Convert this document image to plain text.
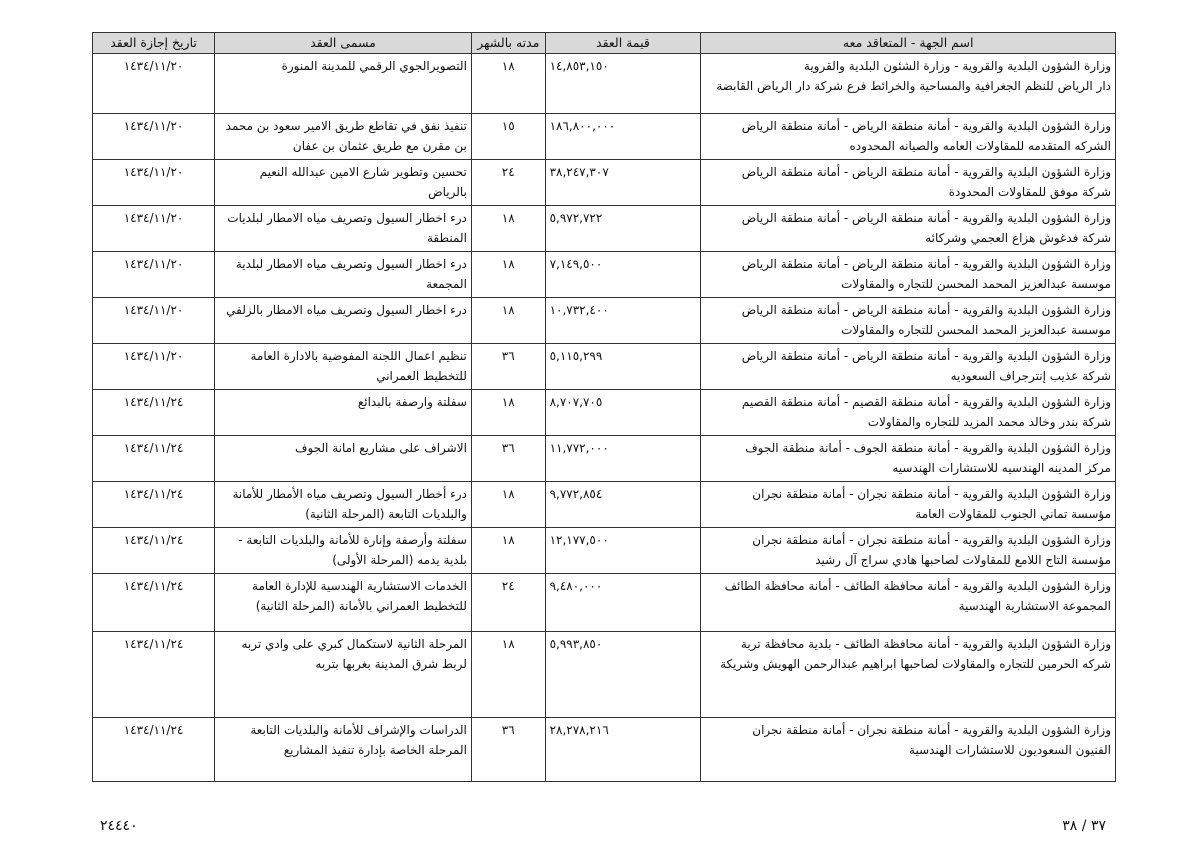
اسم الجهة - المتعاقد معه	قيمة العقد	مدته بالشهر	مسمى العقد	تاريخ إجازة العقد

وزارة الشؤون البلدية والقروية - وزارة الشئون البلدية والقروية
دار الرياض للنظم الجغرافية والمساحية والخرائط فرع شركة دار الرياض القابضة	١٤,٨٥٣,١٥٠	١٨	التصويرالجوي الرقمي للمدينة المنورة	١٤٣٤/١١/٢٠

وزارة الشؤون البلدية والقروية - أمانة منطقة الرياض - أمانة منطقة الرياض
الشركه المتقدمه للمقاولات العامه والصيانه المحدوده	١٨٦,٨٠٠,٠٠٠	١٥	تنفيذ نفق في تقاطع طريق الامير سعود بن محمد بن مقرن مع طريق عثمان بن عفان	١٤٣٤/١١/٢٠

وزارة الشؤون البلدية والقروية - أمانة منطقة الرياض - أمانة منطقة الرياض
شركة موفق للمقاولات المحدودة	٣٨,٢٤٧,٣٠٧	٢٤	تحسين وتطوير شارع الامين عبدالله النعيم بالرياض	١٤٣٤/١١/٢٠

وزارة الشؤون البلدية والقروية - أمانة منطقة الرياض - أمانة منطقة الرياض
شركة فدغوش هزاع العجمي وشركائه	٥,٩٧٢,٧٢٢	١٨	درء اخطار السيول وتصريف مياه الامطار لبلديات المنطقة	١٤٣٤/١١/٢٠

وزارة الشؤون البلدية والقروية - أمانة منطقة الرياض - أمانة منطقة الرياض
موسسة عبدالعزيز المحمد المحسن للتجاره والمقاولات	٧,١٤٩,٥٠٠	١٨	درء اخطار السيول وتصريف مياه الامطار لبلدية المجمعة	١٤٣٤/١١/٢٠

وزارة الشؤون البلدية والقروية - أمانة منطقة الرياض - أمانة منطقة الرياض
موسسة عبدالعزيز المحمد المحسن للتجاره والمقاولات	١٠,٧٣٢,٤٠٠	١٨	درء اخطار السيول وتصريف مياه الامطار بالزلفي	١٤٣٤/١١/٢٠

وزارة الشؤون البلدية والقروية - أمانة منطقة الرياض - أمانة منطقة الرياض
شركة عذيب إنترجراف السعوديه	٥,١١٥,٢٩٩	٣٦	تنظيم اعمال اللجنة المفوضية بالادارة العامة للتخطيط العمراني	١٤٣٤/١١/٢٠

وزارة الشؤون البلدية والقروية - أمانة منطقة القصيم - أمانة منطقة القصيم
شركة بندر وخالد محمد المزيد للتجاره والمقاولات	٨,٧٠٧,٧٠٥	١٨	سفلتة وارصفة بالبدائع	١٤٣٤/١١/٢٤

وزارة الشؤون البلدية والقروية - أمانة منطقة الجوف - أمانة منطقة الجوف
مركز المدينه الهندسيه للاستشارات الهندسيه	١١,٧٧٢,٠٠٠	٣٦	الاشراف على مشاريع امانة الجوف	١٤٣٤/١١/٢٤

وزارة الشؤون البلدية والقروية - أمانة منطقة نجران - أمانة منطقة نجران
مؤسسة تماني الجنوب للمقاولات العامة	٩,٧٧٢,٨٥٤	١٨	درء أخطار السيول وتصريف مياه الأمطار للأمانة والبلديات التابعة (المرحلة الثانية)	١٤٣٤/١١/٢٤

وزارة الشؤون البلدية والقروية - أمانة منطقة نجران - أمانة منطقة نجران
مؤسسة التاج اللامع للمقاولات لصاحبها هادي سراج آل رشيد	١٢,١٧٧,٥٠٠	١٨	سفلتة وأرصفة وإنارة للأمانة والبلديات التابعة - بلدية يدمه (المرحلة الأولى)	١٤٣٤/١١/٢٤

وزارة الشؤون البلدية والقروية - أمانة محافظة الطائف - أمانة محافظة الطائف
المجموعة الاستشارية الهندسية	٩,٤٨٠,٠٠٠	٢٤	الخدمات الاستشارية الهندسية للإدارة العامة للتخطيط العمراني بالأمانة (المرحلة الثانية)	١٤٣٤/١١/٢٤

وزارة الشؤون البلدية والقروية - أمانة محافظة الطائف - بلدية محافظة تربة
شركه الحرمين للتجاره والمقاولات لصاحبها ابراهيم عبدالرحمن الهويش وشريكة	٥,٩٩٣,٨٥٠	١٨	المرحلة الثانية لاستكمال كبري على وادي تربه لربط شرق المدينة بغربها بتربه	١٤٣٤/١١/٢٤

وزارة الشؤون البلدية والقروية - أمانة منطقة نجران - أمانة منطقة نجران
الفنيون السعوديون للاستشارات الهندسية	٢٨,٢٧٨,٢١٦	٣٦	الدراسات والإشراف للأمانة والبلديات التابعة المرحلة الخاصة بإدارة تنفيذ المشاريع	١٤٣٤/١١/٢٤
٢٤٤٤٠	٣٧ / ٣٨
